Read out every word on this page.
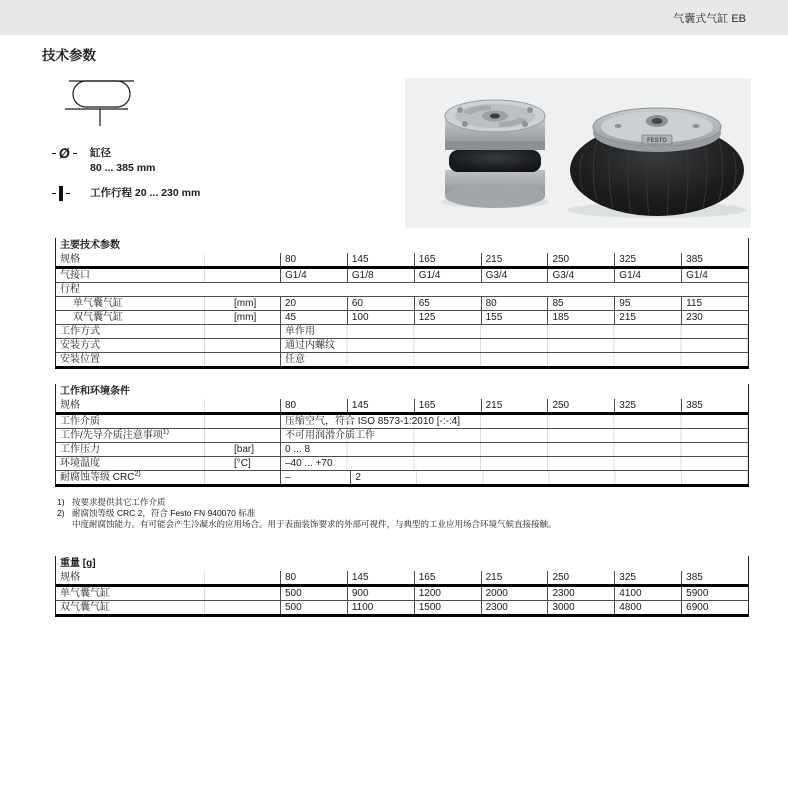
气囊式气缸 EB
技术参数
Ø 缸径
80 ... 385 mm
工作行程 20 ... 230 mm
FESTO
主要技术参数
规格	80	145	165	215	250	325	385
气接口	G1/4	G1/8	G1/4	G3/4	G3/4	G1/4	G1/4
行程
单气囊气缸	[mm]	20	60	65	80	85	95	115
双气囊气缸	[mm]	45	100	125	155	185	215	230
工作方式	单作用
安装方式	通过内螺纹
安装位置	任意
工作和环境条件
规格	80	145	165	215	250	325	385
工作介质	压缩空气，符合 ISO 8573-1:2010 [-:-:4]
工作/先导介质注意事项$^{1)}$	不可用润滑介质工作
工作压力	[bar]	0 ... 8
环境温度	[°C]	–40 ... +70
耐腐蚀等级 CRC$^{2)}$	–	2
1) 按要求提供其它工作介质
2) 耐腐蚀等级 CRC 2，符合 Festo FN 940070 标准
中度耐腐蚀能力。有可能会产生冷凝水的应用场合。用于表面装饰要求的外部可视件，与典型的工业应用场合环境气候直接接触。
重量 [g]
规格	80	145	165	215	250	325	385
单气囊气缸	500	900	1200	2000	2300	4100	5900
双气囊气缸	500	1100	1500	2300	3000	4800	6900
